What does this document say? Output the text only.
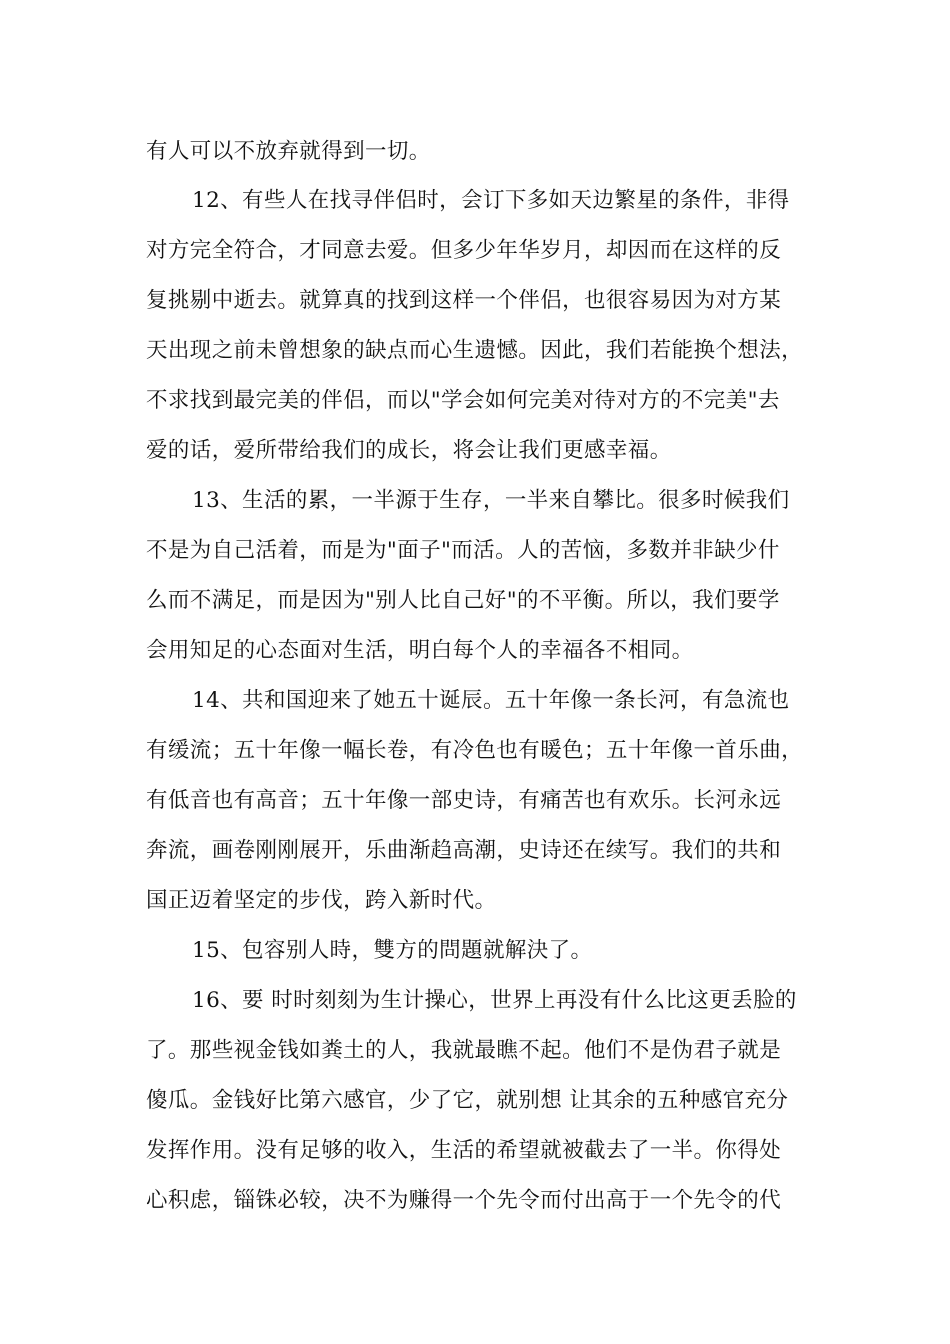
有人可以不放弃就得到一切。
12、有些人在找寻伴侣时，会订下多如天边繁星的条件，非得
对方完全符合，才同意去爱。但多少年华岁月，却因而在这样的反
复挑剔中逝去。就算真的找到这样一个伴侣，也很容易因为对方某
天出现之前未曾想象的缺点而心生遗憾。因此，我们若能换个想法，
不求找到最完美的伴侣，而以"学会如何完美对待对方的不完美"去
爱的话，爱所带给我们的成长，将会让我们更感幸福。
13、生活的累，一半源于生存，一半来自攀比。很多时候我们
不是为自己活着，而是为"面子"而活。人的苦恼，多数并非缺少什
么而不满足，而是因为"别人比自己好"的不平衡。所以，我们要学
会用知足的心态面对生活，明白每个人的幸福各不相同。
14、共和国迎来了她五十诞辰。五十年像一条长河，有急流也
有缓流；五十年像一幅长卷，有冷色也有暖色；五十年像一首乐曲，
有低音也有高音；五十年像一部史诗，有痛苦也有欢乐。长河永远
奔流，画卷刚刚展开，乐曲渐趋高潮，史诗还在续写。我们的共和
国正迈着坚定的步伐，跨入新时代。
15、包容别人時，雙方的問題就解決了。
16、要 时时刻刻为生计操心，世界上再没有什么比这更丢脸的
了。那些视金钱如粪土的人，我就最瞧不起。他们不是伪君子就是
傻瓜。金钱好比第六感官，少了它，就别想 让其余的五种感官充分
发挥作用。没有足够的收入，生活的希望就被截去了一半。你得处
心积虑，锱铢必较，决不为赚得一个先令而付出高于一个先令的代
